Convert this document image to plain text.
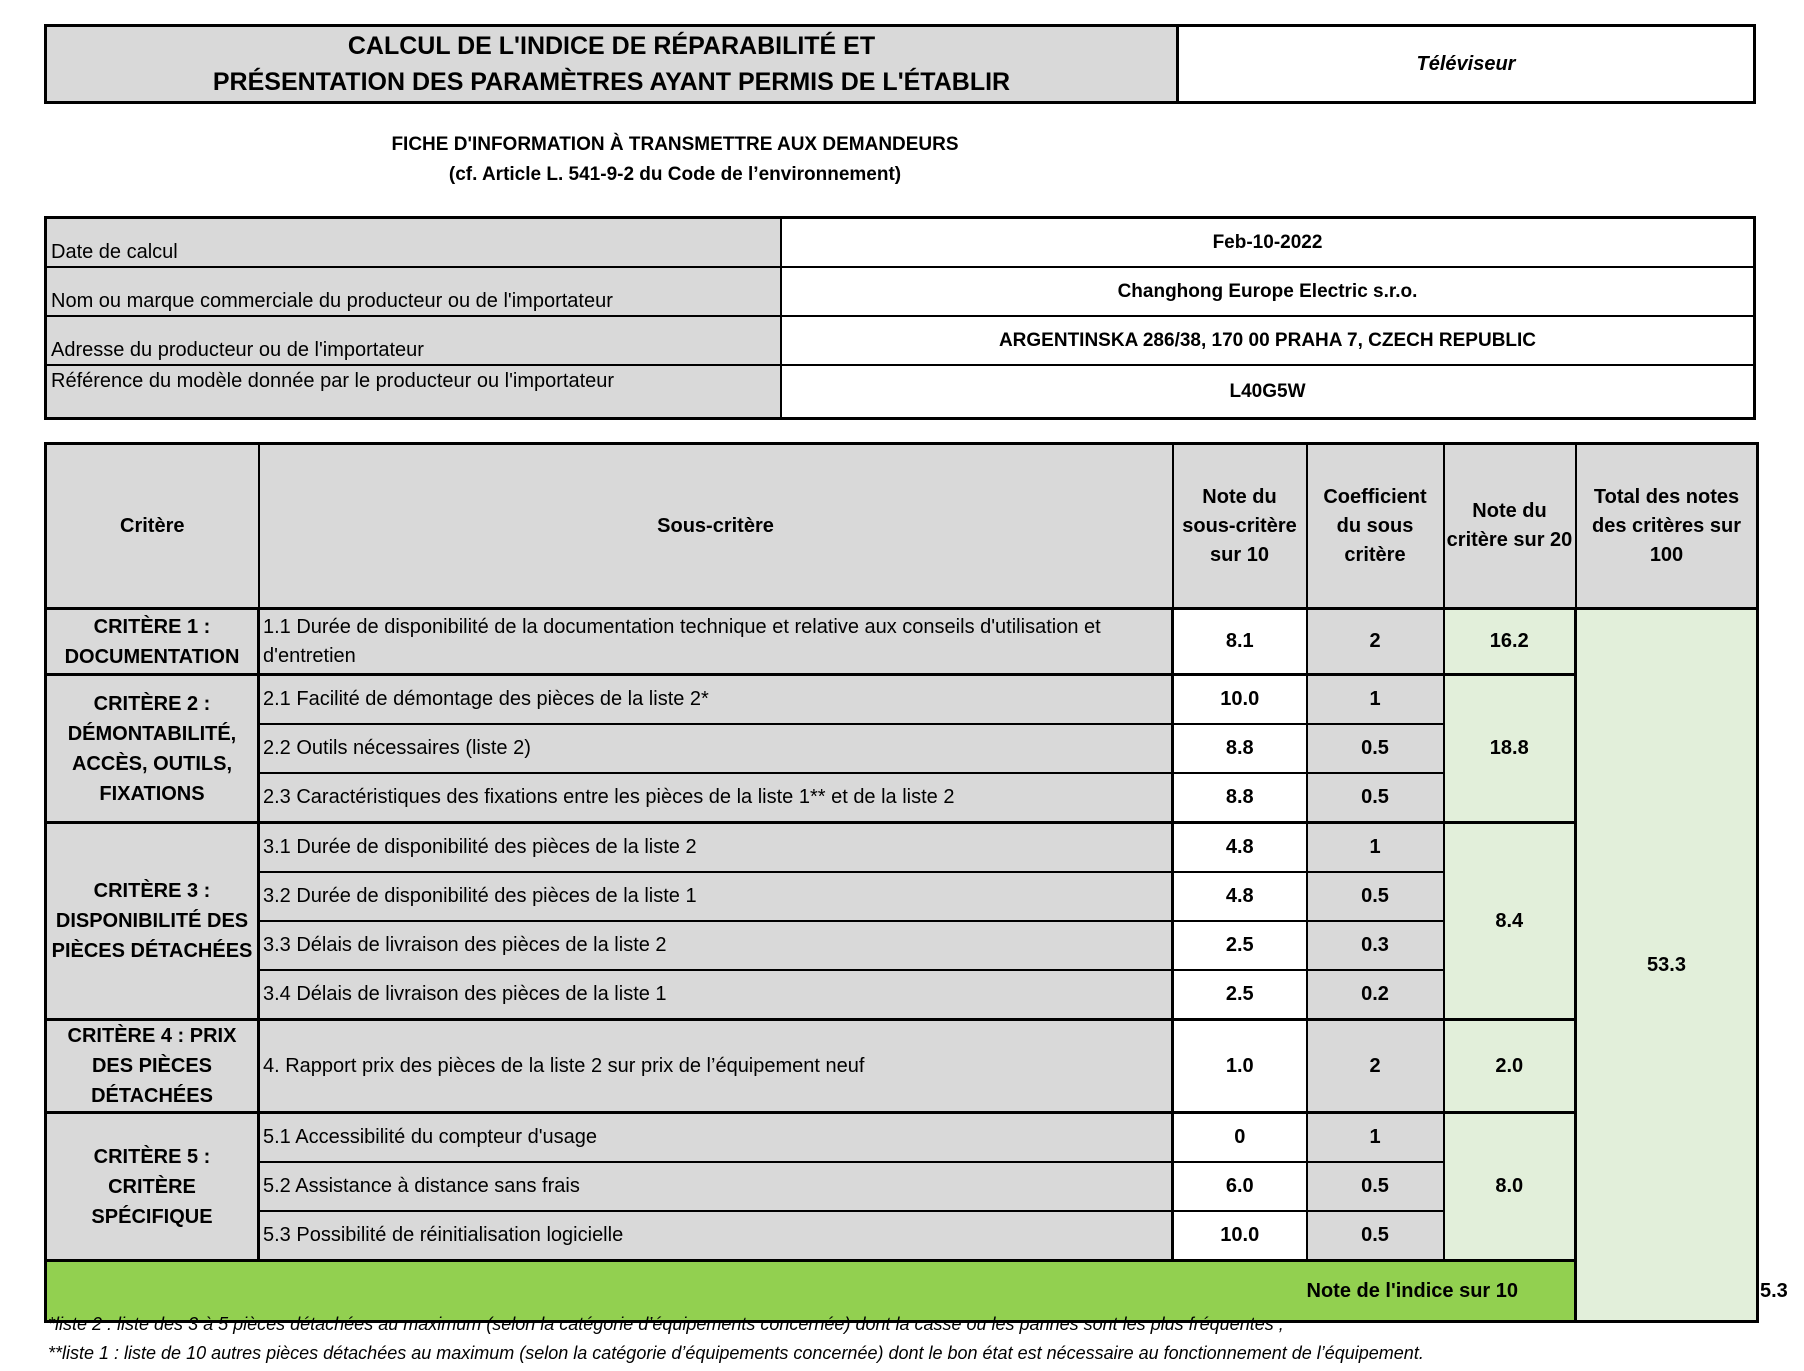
CALCUL DE L'INDICE DE RÉPARABILITÉ ET
PRÉSENTATION DES PARAMÈTRES AYANT PERMIS DE L'ÉTABLIR
	Téléviseur
FICHE D'INFORMATION À TRANSMETTRE AUX DEMANDEURS
(cf. Article L. 541-9-2 du Code de l’environnement)
Date de calcul	Feb-10-2022
Nom ou marque commerciale du producteur ou de l'importateur	Changhong Europe Electric s.r.o.
Adresse du producteur ou de l'importateur	ARGENTINSKA 286/38, 170 00 PRAHA 7, CZECH REPUBLIC
Référence du modèle donnée par le producteur ou l'importateur	L40G5W
Critère	Sous-critère	Note du sous-critère sur 10	Coefficient du sous critère	Note du critère sur 20	Total des notes des critères sur 100	
CRITÈRE 1 : DOCUMENTATION	1.1 Durée de disponibilité de la documentation technique et relative aux conseils d'utilisation et d'entretien	8.1	2	16.2	53.3	
CRITÈRE 2 : DÉMONTABILITÉ, ACCÈS, OUTILS, FIXATIONS	2.1 Facilité de démontage des pièces de la liste 2*	10.0	1	18.8		
	2.2 Outils nécessaires (liste 2)	8.8	0.5			
	2.3 Caractéristiques des fixations entre les pièces de la liste 1** et de la liste 2	8.8	0.5			
CRITÈRE 3 : DISPONIBILITÉ DES PIÈCES DÉTACHÉES	3.1 Durée de disponibilité des pièces de la liste 2	4.8	1	8.4		
	3.2 Durée de disponibilité des pièces de la liste 1	4.8	0.5			
	3.3 Délais de livraison des pièces de la liste 2	2.5	0.3			
	3.4 Délais de livraison des pièces de la liste 1	2.5	0.2			
CRITÈRE 4 : PRIX DES PIÈCES DÉTACHÉES	4. Rapport prix des pièces de la liste 2 sur prix de l’équipement neuf	1.0	2	2.0		
CRITÈRE 5 : CRITÈRE SPÉCIFIQUE	5.1 Accessibilité du compteur d'usage	0	1	8.0		
	5.2 Assistance à distance sans frais	6.0	0.5			
	5.3 Possibilité de réinitialisation logicielle	10.0	0.5			
Note de l'indice sur 10						5.3
*liste 2 : liste des 3 à 5 pièces détachées au maximum (selon la catégorie d’équipements concernée) dont la casse ou les pannes sont les plus fréquentes ;
**liste 1 : liste de 10 autres pièces détachées au maximum (selon la catégorie d’équipements concernée) dont le bon état est nécessaire au fonctionnement de l’équipement.
